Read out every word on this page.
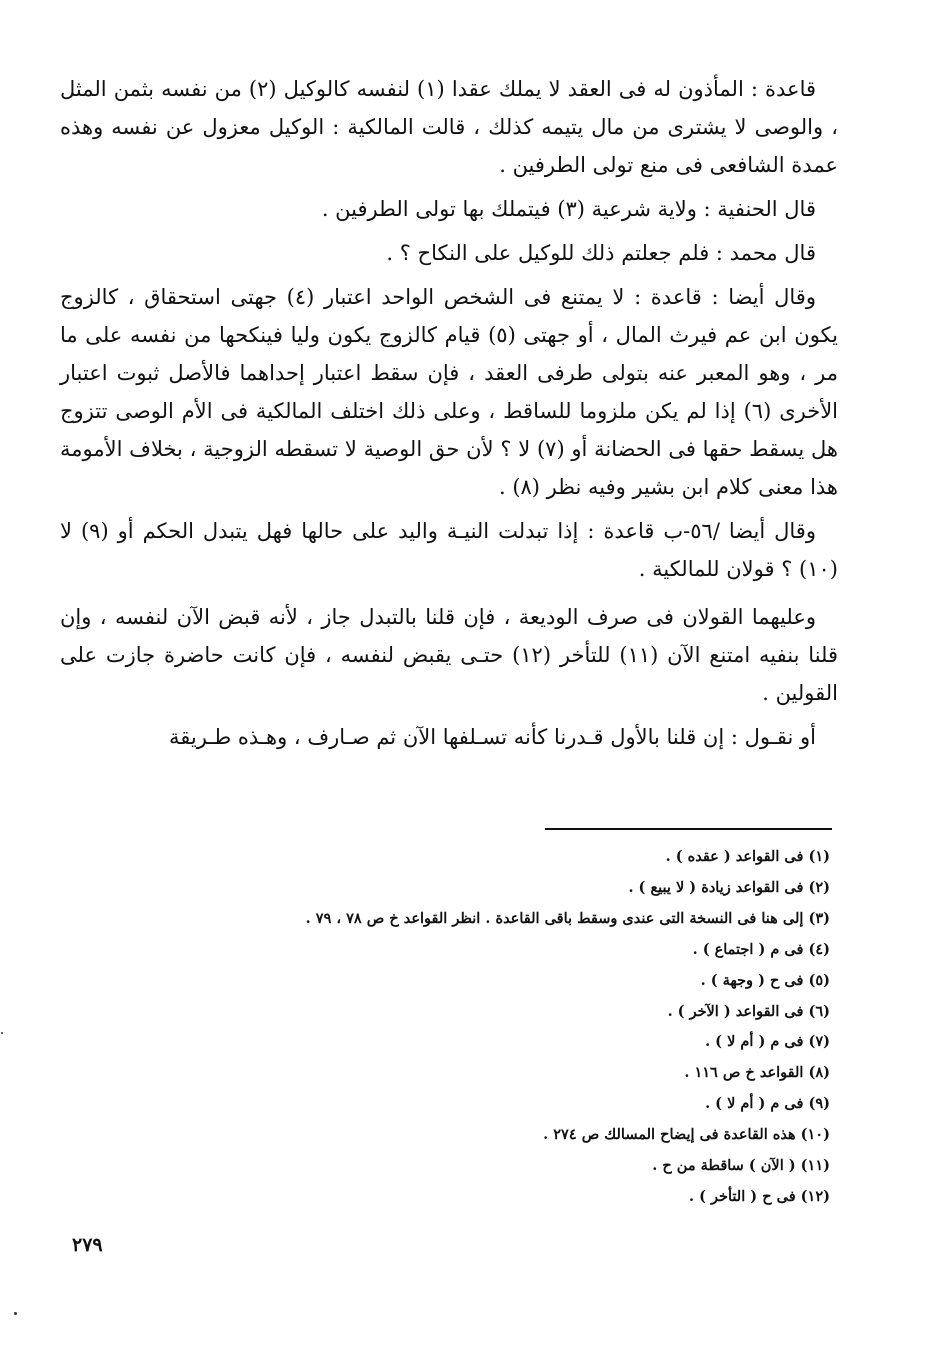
قاعدة : المأذون له فى العقد لا يملك عقدا (١) لنفسه كالوكيل (٢) من نفسه بثمن المثل ، والوصى لا يشترى من مال يتيمه كذلك ، قالت المالكية : الوكيل معزول عن نفسه وهذه عمدة الشافعى فى منع تولى الطرفين .

قال الحنفية : ولاية شرعية (٣) فيتملك بها تولى الطرفين .

قال محمد : فلم جعلتم ذلك للوكيل على النكاح ؟ .

وقال أيضا : قاعدة : لا يمتنع فى الشخص الواحد اعتبار (٤) جهتى استحقاق ، كالزوج يكون ابن عم فيرث المال ، أو جهتى (٥) قيام كالزوج يكون وليا فينكحها من نفسه على ما مر ، وهو المعبر عنه بتولى طرفى العقد ، فإن سقط اعتبار إحداهما فالأصل ثبوت اعتبار الأخرى (٦) إذا لم يكن ملزوما للساقط ، وعلى ذلك اختلف المالكية فى الأم الوصى تتزوج هل يسقط حقها فى الحضانة أو (٧) لا ؟ لأن حق الوصية لا تسقطه الزوجية ، بخلاف الأمومة هذا معنى كلام ابن بشير وفيه نظر (٨) .

وقال أيضا /٥٦-ب قاعدة : إذا تبدلت النيـة واليد على حالها فهل يتبدل الحكم أو (٩) لا (١٠) ؟ قولان للمالكية .

وعليهما القولان فى صرف الوديعة ، فإن قلنا بالتبدل جاز ، لأنه قبض الآن لنفسه ، وإن قلنا بنفيه امتنع الآن (١١) للتأخر (١٢) حتـى يقبض لنفسه ، فإن كانت حاضرة جازت على القولين .

أو نقـول : إن قلنا بالأول قـدرنا كأنه تسـلفها الآن ثم صـارف ، وهـذه طـريقة

(١) فى القواعد ( عقده ) .
(٢) فى القواعد زيادة ( لا يبيع ) .
(٣) إلى هنا فى النسخة التى عندى وسقط باقى القاعدة . انظر القواعد خ ص ٧٨ ، ٧٩ .
(٤) فى م ( اجتماع ) .
(٥) فى ح ( وجهة ) .
(٦) فى القواعد ( الآخر ) .
(٧) فى م ( أم لا ) .
(٨) القواعد خ ص ١١٦ .
(٩) فى م ( أم لا ) .
(١٠) هذه القاعدة فى إيضاح المسالك ص ٢٧٤ .
(١١) ( الآن ) ساقطة من ح .
(١٢) فى ح ( التأخر ) .
٢٧٩
